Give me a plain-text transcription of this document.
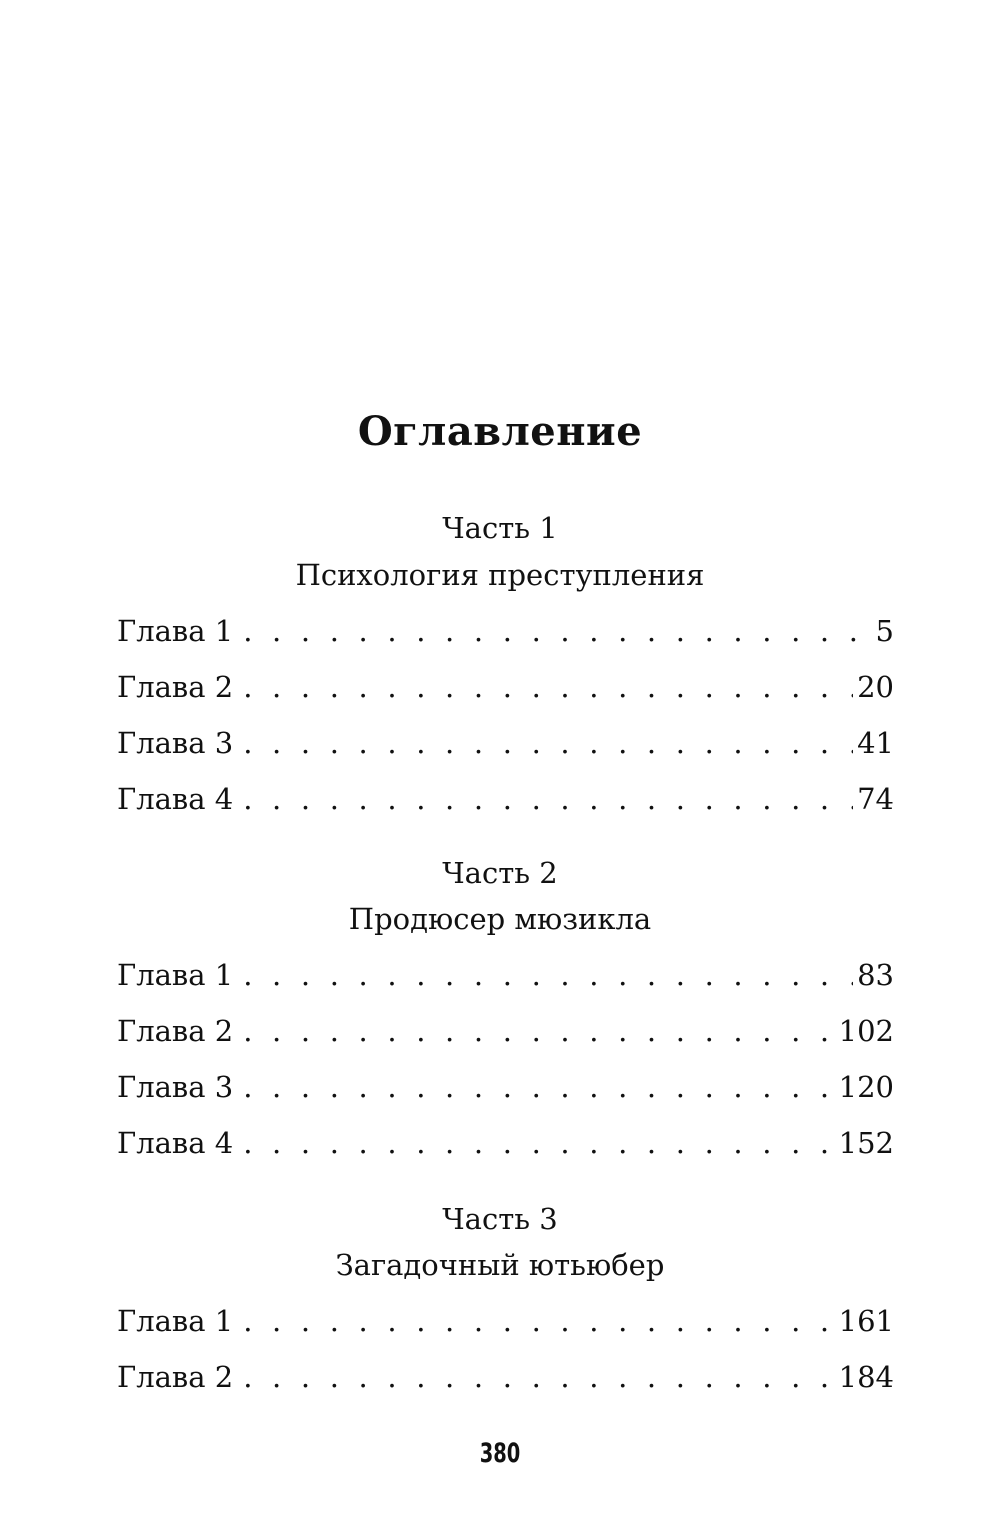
Оглавление
Часть 1
Психология преступления
Глава 1 . . .	5
Глава 2 . . .	20
Глава 3 . . .	41
Глава 4 . . .	74
Часть 2
Продюсер мюзикла
Глава 1 . . .	83
Глава 2 . . .	102
Глава 3 . . .	120
Глава 4 . . .	152
Часть 3
Загадочный ютьюбер
Глава 1 . . .	161
Глава 2 . . .	184
380
